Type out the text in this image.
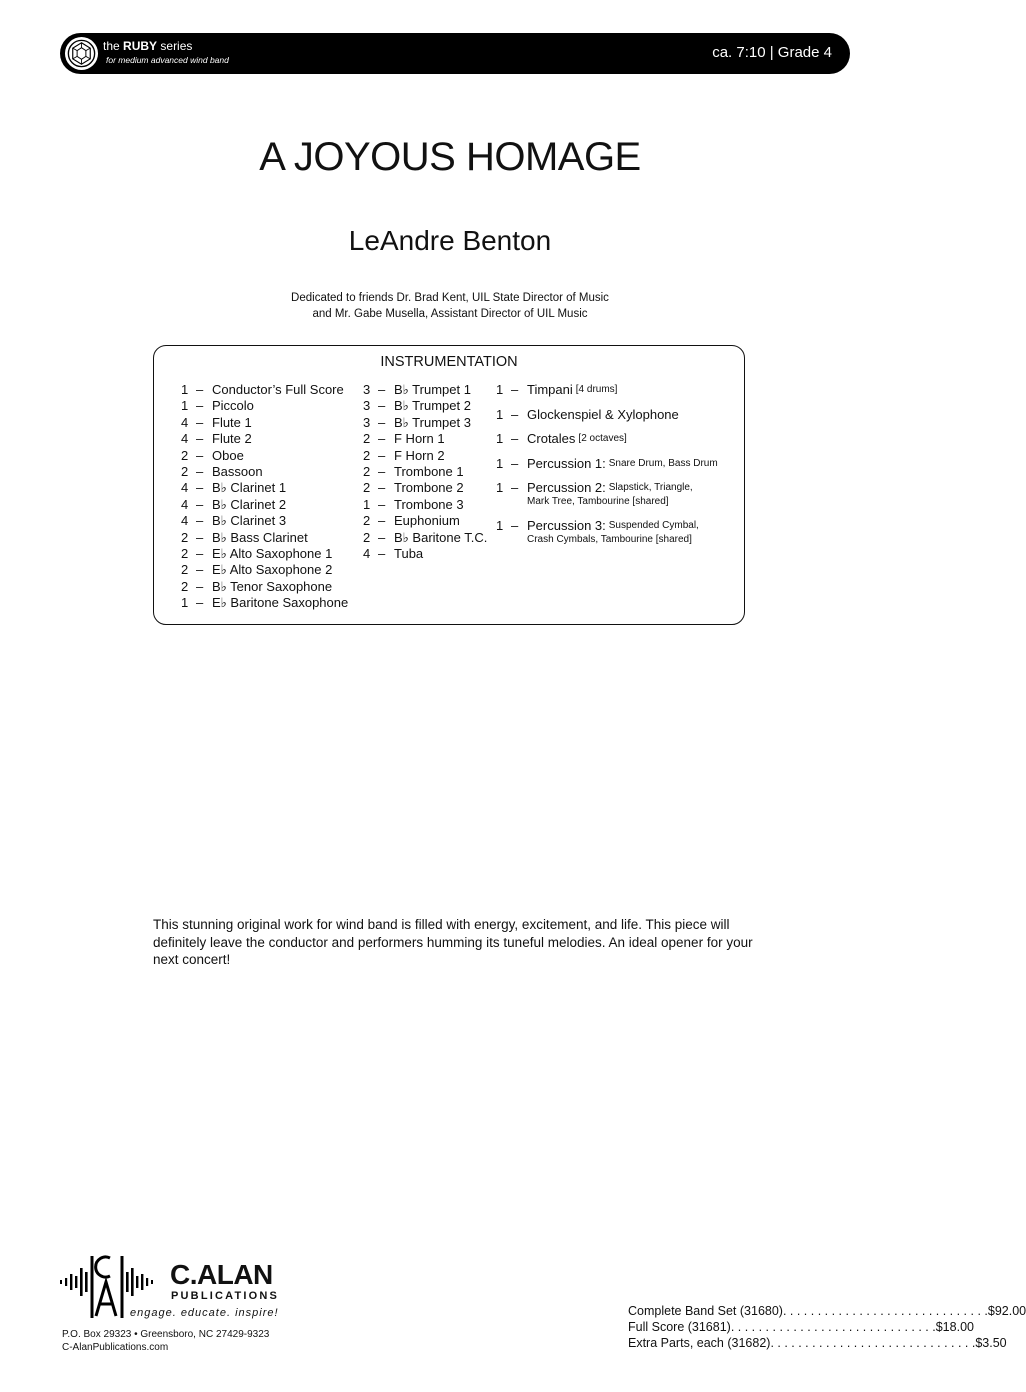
the RUBY series
for medium advanced wind band	ca. 7:10 | Grade 4
A JOYOUS HOMAGE
LeAndre Benton
Dedicated to friends Dr. Brad Kent, UIL State Director of Music
and Mr. Gabe Musella, Assistant Director of UIL Music
INSTRUMENTATION
1 – Conductor’s Full Score
1 – Piccolo
4 – Flute 1
4 – Flute 2
2 – Oboe
2 – Bassoon
4 – B♭ Clarinet 1
4 – B♭ Clarinet 2
4 – B♭ Clarinet 3
2 – B♭ Bass Clarinet
2 – E♭ Alto Saxophone 1
2 – E♭ Alto Saxophone 2
2 – B♭ Tenor Saxophone
1 – E♭ Baritone Saxophone
3 – B♭ Trumpet 1
3 – B♭ Trumpet 2
3 – B♭ Trumpet 3
2 – F Horn 1
2 – F Horn 2
2 – Trombone 1
2 – Trombone 2
1 – Trombone 3
2 – Euphonium
2 – B♭ Baritone T.C.
4 – Tuba
1 – Timpani [4 drums]
1 – Glockenspiel & Xylophone
1 – Crotales [2 octaves]
1 – Percussion 1: Snare Drum, Bass Drum
1 – Percussion 2: Slapstick, Triangle,
Mark Tree, Tambourine [shared]
1 – Percussion 3: Suspended Cymbal,
Crash Cymbals, Tambourine [shared]
This stunning original work for wind band is filled with energy, excitement, and life. This piece will definitely leave the conductor and performers humming its tuneful melodies. An ideal opener for your next concert!
C.ALAN
PUBLICATIONS
engage. educate. inspire!
P.O. Box 29323 • Greensboro, NC 27429-9323
C-AlanPublications.com
Complete Band Set (31680) . . . . . . . . . . . . . . . . . . . . . . . . . . . . . . $92.00
Full Score (31681) . . . . . . . . . . . . . . . . . . . . . . . . . . . . . . $18.00
Extra Parts, each (31682) . . . . . . . . . . . . . . . . . . . . . . . . . . . . . . $3.50
